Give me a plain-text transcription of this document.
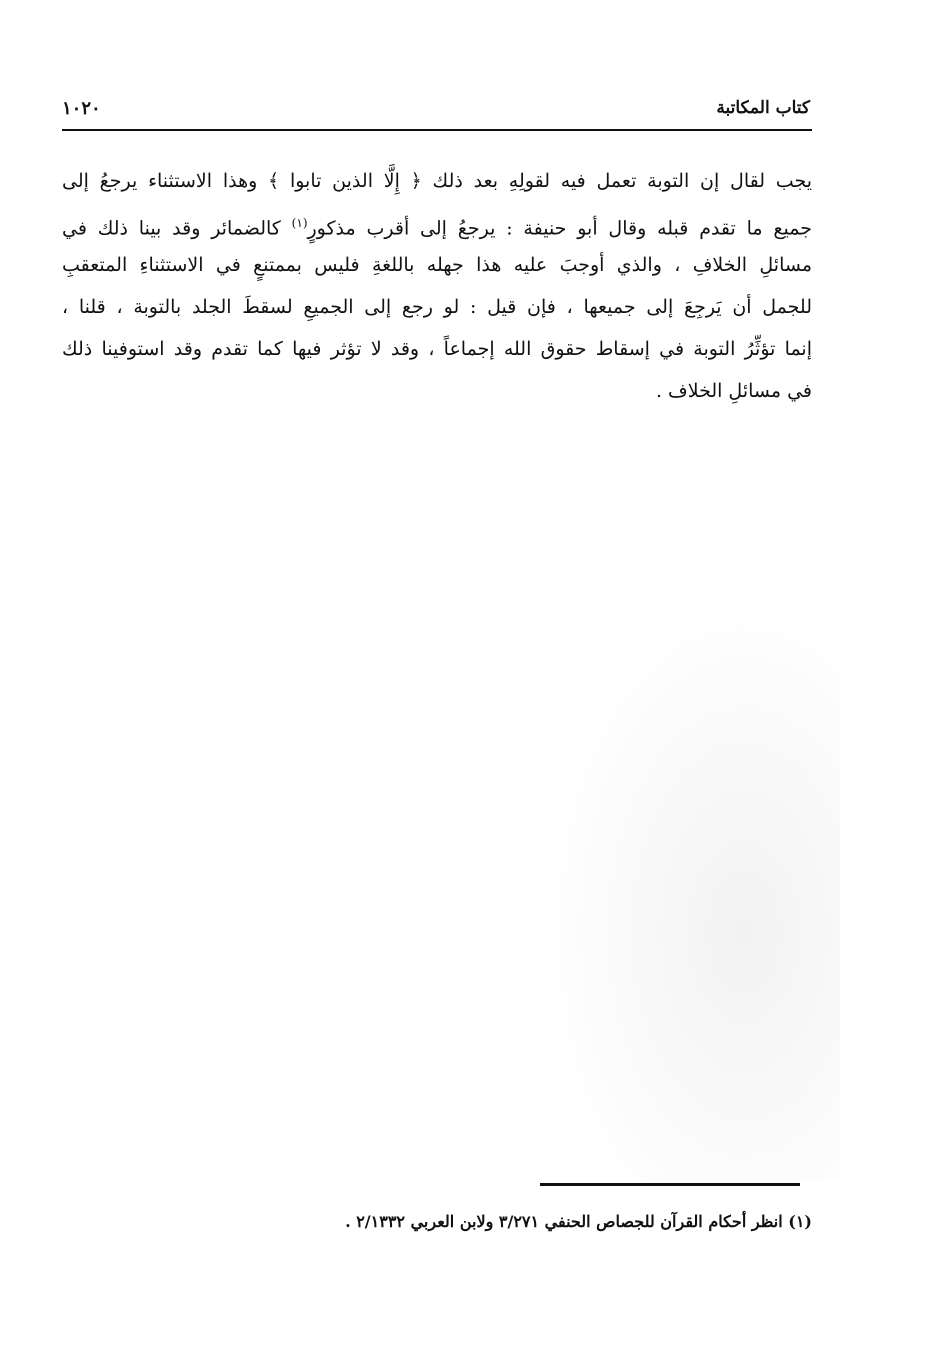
كتاب المكاتبة
١٠٢٠
يجب لقال إن التوبة تعمل فيه لقولِهِ بعد ذلك ﴿ إِلَّا الذين تابوا ﴾ وهذا الاستثناء يرجعُ إلى
جميع ما تقدم قبله وقال أبو حنيفة : يرجعُ إلى أقرب مذكورٍ$^{(١)}$ كالضمائر وقد بينا ذلك في
مسائلِ الخلافِ ، والذي أوجبَ عليه هذا جهله باللغةِ فليس بممتنعٍ في الاستثناءِ المتعقبِ
للجمل أن يَرجِعَ إلى جميعها ، فإن قيل : لو رجع إلى الجميعِ لسقطَ الجلد بالتوبة ، قلنا ،
إنما تؤثِّرُ التوبة في إسقاط حقوق الله إجماعاً ، وقد لا تؤثر فيها كما تقدم وقد استوفينا ذلك
في مسائلِ الخلاف .
(١) انظر أحكام القرآن للجصاص الحنفي ٣/٢٧١ ولابن العربي ٢/١٣٣٢ .
